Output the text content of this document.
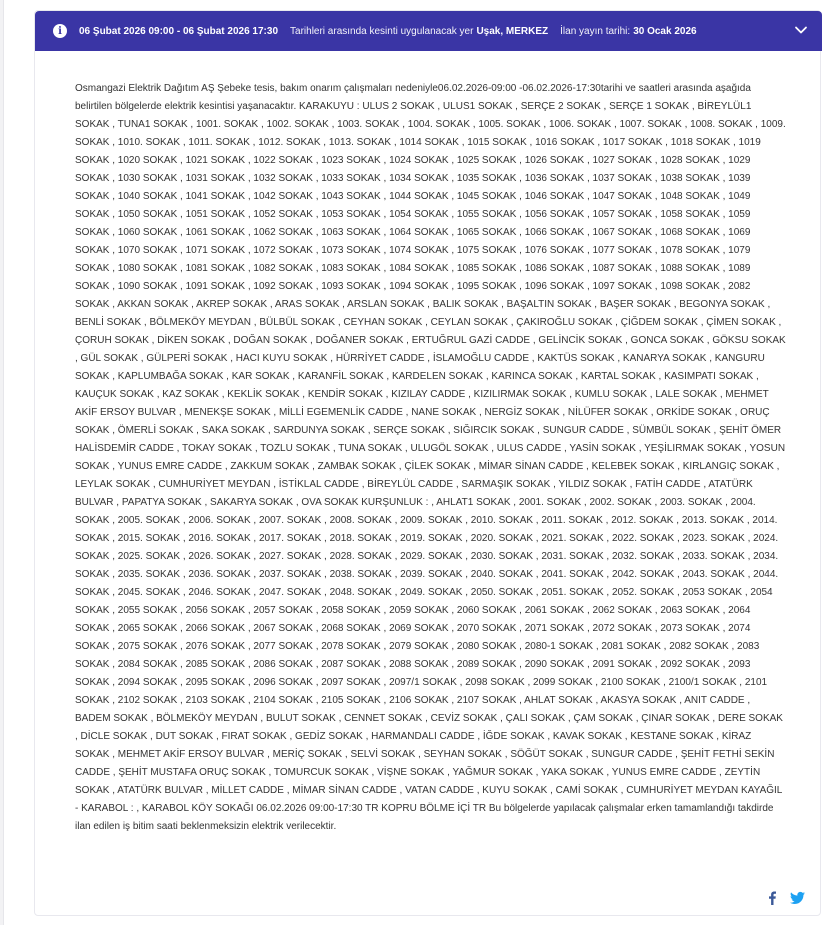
i	06 Şubat 2026 09:00 - 06 Şubat 2026 17:30 Tarihleri arasında kesinti uygulanacak yer Uşak, MERKEZ İlan yayın tarihi: 30 Ocak 2026
Osmangazi Elektrik Dağıtım AŞ Şebeke tesis, bakım onarım çalışmaları nedeniyle06.02.2026-09:00 -06.02.2026-17:30tarihi ve saatleri arasında aşağıda belirtilen bölgelerde elektrik kesintisi yaşanacaktır. KARAKUYU : ULUS 2 SOKAK , ULUS1 SOKAK , SERÇE 2 SOKAK , SERÇE 1 SOKAK , BİREYLÜL1 SOKAK , TUNA1 SOKAK , 1001. SOKAK , 1002. SOKAK , 1003. SOKAK , 1004. SOKAK , 1005. SOKAK , 1006. SOKAK , 1007. SOKAK , 1008. SOKAK , 1009. SOKAK , 1010. SOKAK , 1011. SOKAK , 1012. SOKAK , 1013. SOKAK , 1014 SOKAK , 1015 SOKAK , 1016 SOKAK , 1017 SOKAK , 1018 SOKAK , 1019 SOKAK , 1020 SOKAK , 1021 SOKAK , 1022 SOKAK , 1023 SOKAK , 1024 SOKAK , 1025 SOKAK , 1026 SOKAK , 1027 SOKAK , 1028 SOKAK , 1029 SOKAK , 1030 SOKAK , 1031 SOKAK , 1032 SOKAK , 1033 SOKAK , 1034 SOKAK , 1035 SOKAK , 1036 SOKAK , 1037 SOKAK , 1038 SOKAK , 1039 SOKAK , 1040 SOKAK , 1041 SOKAK , 1042 SOKAK , 1043 SOKAK , 1044 SOKAK , 1045 SOKAK , 1046 SOKAK , 1047 SOKAK , 1048 SOKAK , 1049 SOKAK , 1050 SOKAK , 1051 SOKAK , 1052 SOKAK , 1053 SOKAK , 1054 SOKAK , 1055 SOKAK , 1056 SOKAK , 1057 SOKAK , 1058 SOKAK , 1059 SOKAK , 1060 SOKAK , 1061 SOKAK , 1062 SOKAK , 1063 SOKAK , 1064 SOKAK , 1065 SOKAK , 1066 SOKAK , 1067 SOKAK , 1068 SOKAK , 1069 SOKAK , 1070 SOKAK , 1071 SOKAK , 1072 SOKAK , 1073 SOKAK , 1074 SOKAK , 1075 SOKAK , 1076 SOKAK , 1077 SOKAK , 1078 SOKAK , 1079 SOKAK , 1080 SOKAK , 1081 SOKAK , 1082 SOKAK , 1083 SOKAK , 1084 SOKAK , 1085 SOKAK , 1086 SOKAK , 1087 SOKAK , 1088 SOKAK , 1089 SOKAK , 1090 SOKAK , 1091 SOKAK , 1092 SOKAK , 1093 SOKAK , 1094 SOKAK , 1095 SOKAK , 1096 SOKAK , 1097 SOKAK , 1098 SOKAK , 2082 SOKAK , AKKAN SOKAK , AKREP SOKAK , ARAS SOKAK , ARSLAN SOKAK , BALIK SOKAK , BAŞALTIN SOKAK , BAŞER SOKAK , BEGONYA SOKAK , BENLİ SOKAK , BÖLMEKÖY MEYDAN , BÜLBÜL SOKAK , CEYHAN SOKAK , CEYLAN SOKAK , ÇAKIROĞLU SOKAK , ÇİĞDEM SOKAK , ÇİMEN SOKAK , ÇORUH SOKAK , DİKEN SOKAK , DOĞAN SOKAK , DOĞANER SOKAK , ERTUĞRUL GAZİ CADDE , GELİNCİK SOKAK , GONCA SOKAK , GÖKSU SOKAK , GÜL SOKAK , GÜLPERİ SOKAK , HACI KUYU SOKAK , HÜRRİYET CADDE , İSLAMOĞLU CADDE , KAKTÜS SOKAK , KANARYA SOKAK , KANGURU SOKAK , KAPLUMBAĞA SOKAK , KAR SOKAK , KARANFİL SOKAK , KARDELEN SOKAK , KARINCA SOKAK , KARTAL SOKAK , KASIMPATI SOKAK , KAUÇUK SOKAK , KAZ SOKAK , KEKLİK SOKAK , KENDİR SOKAK , KIZILAY CADDE , KIZILIRMAK SOKAK , KUMLU SOKAK , LALE SOKAK , MEHMET AKİF ERSOY BULVAR , MENEKŞE SOKAK , MİLLİ EGEMENLİK CADDE , NANE SOKAK , NERGİZ SOKAK , NİLÜFER SOKAK , ORKİDE SOKAK , ORUÇ SOKAK , ÖMERLİ SOKAK , SAKA SOKAK , SARDUNYA SOKAK , SERÇE SOKAK , SIĞIRCIK SOKAK , SUNGUR CADDE , SÜMBÜL SOKAK , ŞEHİT ÖMER HALİSDEMİR CADDE , TOKAY SOKAK , TOZLU SOKAK , TUNA SOKAK , ULUGÖL SOKAK , ULUS CADDE , YASİN SOKAK , YEŞİLIRMAK SOKAK , YOSUN SOKAK , YUNUS EMRE CADDE , ZAKKUM SOKAK , ZAMBAK SOKAK , ÇİLEK SOKAK , MİMAR SİNAN CADDE , KELEBEK SOKAK , KIRLANGIÇ SOKAK , LEYLAK SOKAK , CUMHURİYET MEYDAN , İSTİKLAL CADDE , BİREYLÜL CADDE , SARMAŞIK SOKAK , YILDIZ SOKAK , FATİH CADDE , ATATÜRK BULVAR , PAPATYA SOKAK , SAKARYA SOKAK , OVA SOKAK KURŞUNLUK : , AHLAT1 SOKAK , 2001. SOKAK , 2002. SOKAK , 2003. SOKAK , 2004. SOKAK , 2005. SOKAK , 2006. SOKAK , 2007. SOKAK , 2008. SOKAK , 2009. SOKAK , 2010. SOKAK , 2011. SOKAK , 2012. SOKAK , 2013. SOKAK , 2014. SOKAK , 2015. SOKAK , 2016. SOKAK , 2017. SOKAK , 2018. SOKAK , 2019. SOKAK , 2020. SOKAK , 2021. SOKAK , 2022. SOKAK , 2023. SOKAK , 2024. SOKAK , 2025. SOKAK , 2026. SOKAK , 2027. SOKAK , 2028. SOKAK , 2029. SOKAK , 2030. SOKAK , 2031. SOKAK , 2032. SOKAK , 2033. SOKAK , 2034. SOKAK , 2035. SOKAK , 2036. SOKAK , 2037. SOKAK , 2038. SOKAK , 2039. SOKAK , 2040. SOKAK , 2041. SOKAK , 2042. SOKAK , 2043. SOKAK , 2044. SOKAK , 2045. SOKAK , 2046. SOKAK , 2047. SOKAK , 2048. SOKAK , 2049. SOKAK , 2050. SOKAK , 2051. SOKAK , 2052. SOKAK , 2053 SOKAK , 2054 SOKAK , 2055 SOKAK , 2056 SOKAK , 2057 SOKAK , 2058 SOKAK , 2059 SOKAK , 2060 SOKAK , 2061 SOKAK , 2062 SOKAK , 2063 SOKAK , 2064 SOKAK , 2065 SOKAK , 2066 SOKAK , 2067 SOKAK , 2068 SOKAK , 2069 SOKAK , 2070 SOKAK , 2071 SOKAK , 2072 SOKAK , 2073 SOKAK , 2074 SOKAK , 2075 SOKAK , 2076 SOKAK , 2077 SOKAK , 2078 SOKAK , 2079 SOKAK , 2080 SOKAK , 2080-1 SOKAK , 2081 SOKAK , 2082 SOKAK , 2083 SOKAK , 2084 SOKAK , 2085 SOKAK , 2086 SOKAK , 2087 SOKAK , 2088 SOKAK , 2089 SOKAK , 2090 SOKAK , 2091 SOKAK , 2092 SOKAK , 2093 SOKAK , 2094 SOKAK , 2095 SOKAK , 2096 SOKAK , 2097 SOKAK , 2097/1 SOKAK , 2098 SOKAK , 2099 SOKAK , 2100 SOKAK , 2100/1 SOKAK , 2101 SOKAK , 2102 SOKAK , 2103 SOKAK , 2104 SOKAK , 2105 SOKAK , 2106 SOKAK , 2107 SOKAK , AHLAT SOKAK , AKASYA SOKAK , ANIT CADDE , BADEM SOKAK , BÖLMEKÖY MEYDAN , BULUT SOKAK , CENNET SOKAK , CEVİZ SOKAK , ÇALI SOKAK , ÇAM SOKAK , ÇINAR SOKAK , DERE SOKAK , DİCLE SOKAK , DUT SOKAK , FIRAT SOKAK , GEDİZ SOKAK , HARMANDALI CADDE , İĞDE SOKAK , KAVAK SOKAK , KESTANE SOKAK , KİRAZ SOKAK , MEHMET AKİF ERSOY BULVAR , MERİÇ SOKAK , SELVİ SOKAK , SEYHAN SOKAK , SÖĞÜT SOKAK , SUNGUR CADDE , ŞEHİT FETHİ SEKİN CADDE , ŞEHİT MUSTAFA ORUÇ SOKAK , TOMURCUK SOKAK , VİŞNE SOKAK , YAĞMUR SOKAK , YAKA SOKAK , YUNUS EMRE CADDE , ZEYTİN SOKAK , ATATÜRK BULVAR , MİLLET CADDE , MİMAR SİNAN CADDE , VATAN CADDE , KUYU SOKAK , CAMİ SOKAK , CUMHURİYET MEYDAN KAYAĞIL - KARABOL : , KARABOL KÖY SOKAĞI 06.02.2026 09:00-17:30 TR KOPRU BÖLME İÇİ TR Bu bölgelerde yapılacak çalışmalar erken tamamlandığı takdirde ilan edilen iş bitim saati beklenmeksizin elektrik verilecektir.
